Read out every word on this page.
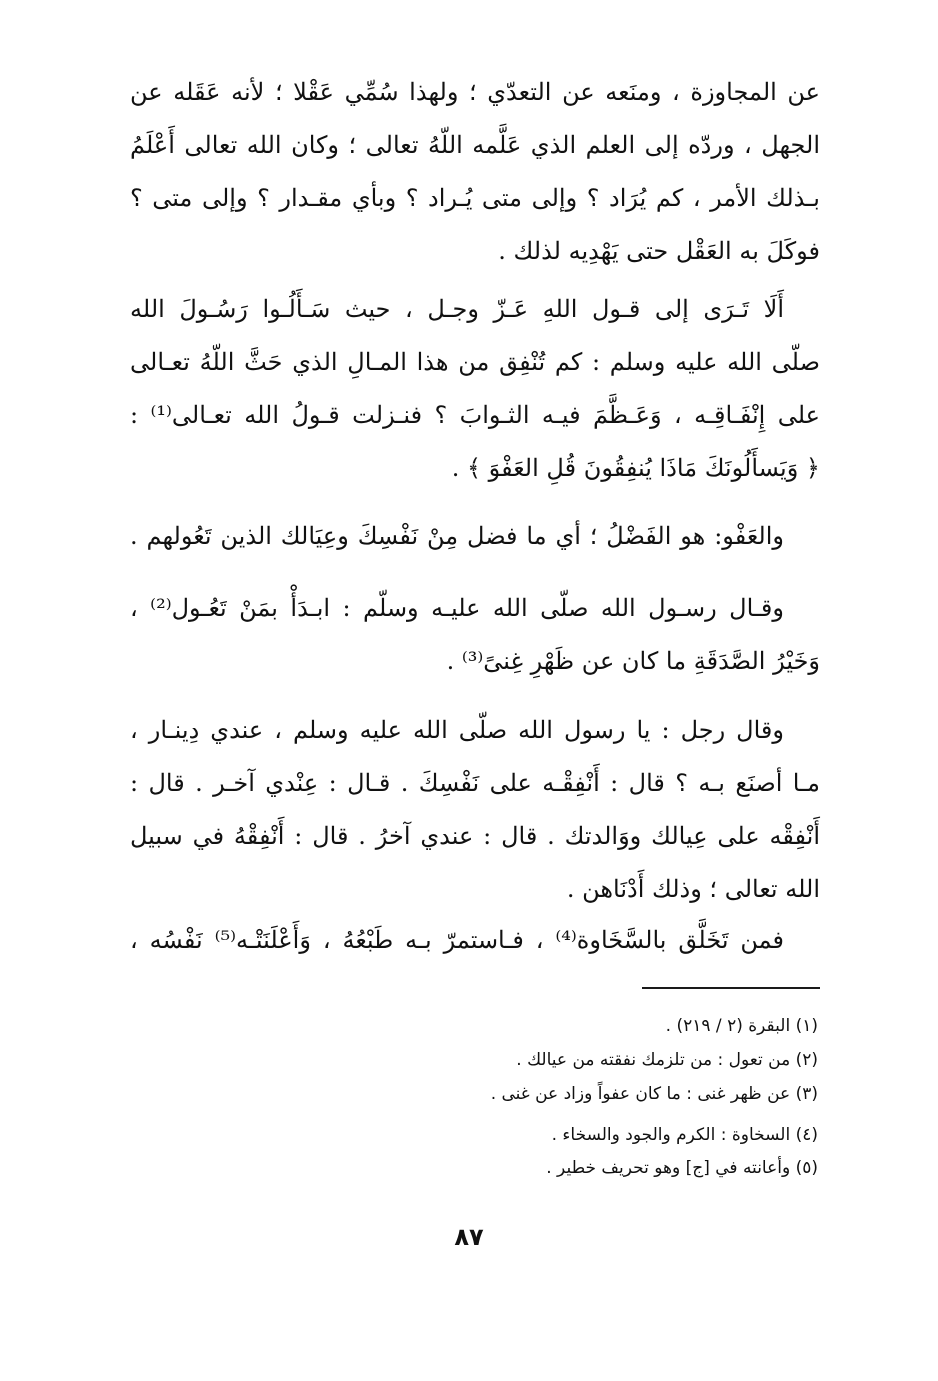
عن المجاوزة ، ومنَعه عن التعدّي ؛ ولهذا سُمِّي عَقْلا ؛ لأنه عَقَله عن
الجهل ، وردّه إلى العلم الذي عَلَّمه اللّهُ تعالى ؛ وكان الله تعالى أَعْلَمُ
بـذلك الأمر ، كم يُرَاد ؟ وإلى متى يُـراد ؟ وبأي مقـدار ؟ وإلى متى ؟
فوكَلَ به العَقْل حتى يَهْدِيه لذلك .
أَلَا تَـرَى إلى قـول اللهِ عَـزّ وجـل ، حيث سَـأَلُـوا رَسُـولَ الله
صلّى الله عليه وسلم : كم تُنْفِق من هذا المـالِ الذي حَثَّ اللّهُ تعـالى
على إِنْفَـاقِـه ، وَعَـظَّمَ فيـه الثـوابَ ؟ فنـزلت قـولُ الله تعـالى⁽¹⁾ :
﴿ وَيَسأَلُونَكَ مَاذَا يُنفِقُونَ قُلِ العَفْوَ ﴾ .
والعَفْو: هو الفَضْلُ ؛ أي ما فضل مِنْ نَفْسِكَ وعِيَالك الذين تَعُولهم .
وقـال رسـول الله صلّى الله عليـه وسلّم : ابـدَأْ بمَنْ تَعُـول⁽²⁾ ،
وَخَيْرُ الصَّدَقَةِ ما كان عن ظَهْرِ غِنىً⁽³⁾ .
وقال رجل : يا رسول الله صلّى الله عليه وسلم ، عندي دِينـار ،
مـا أصنَع بـه ؟ قال : أَنْفِقْـه على نَفْسِكَ . قـال : عِنْدي آخـر . قال :
أَنْفِقْه على عِيالك ووَالدتك . قال : عندي آخرُ . قال : أَنْفِقْهُ في سبيل
الله تعالى ؛ وذلك أَدْنَاهن .
فمن تَخَلَّق بالسَّخَاوة⁽⁴⁾ ، فـاستمرّ بـه طَبْعُهُ ، وَأَعْلَنَتْـه⁽⁵⁾ نَفْسُه ،
(١) البقرة (٢ / ٢١٩) .
(٢) من تعول : من تلزمك نفقته من عيالك .
(٣) عن ظهر غنى : ما كان عفواً وزاد عن غنى .
(٤) السخاوة : الكرم والجود والسخاء .
(٥) وأعانته في [ج] وهو تحريف خطير .
٨٧
